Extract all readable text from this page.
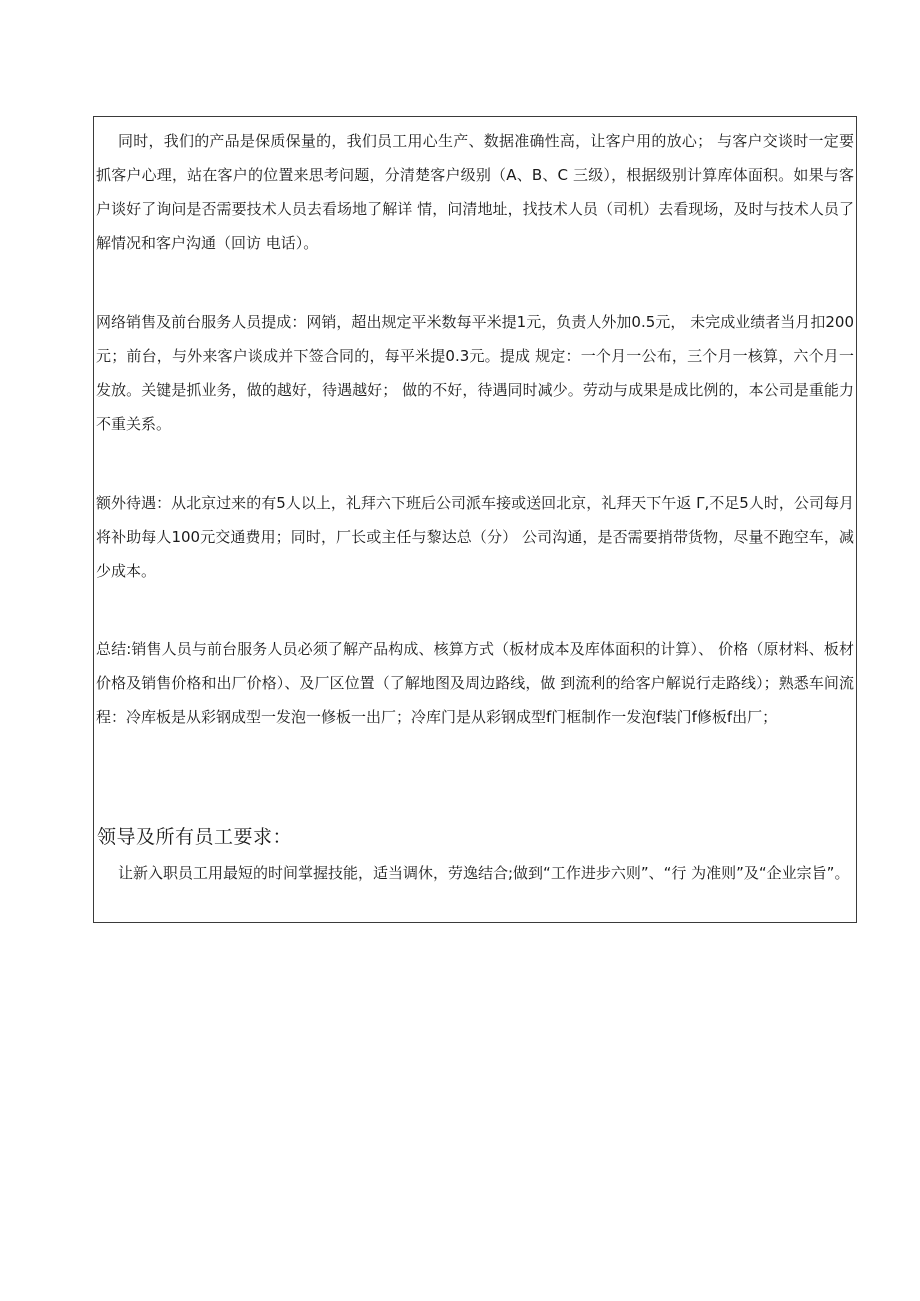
同时，我们的产品是保质保量的，我们员工用心生产、数据准确性高，让客户用的放心； 与客户交谈时一定要抓客户心理，站在客户的位置来思考问题，分清楚客户级别（A、B、C 三级），根据级别计算库体面积。如果与客户谈好了询问是否需要技术人员去看场地了解详 情，问清地址，找技术人员（司机）去看现场，及时与技术人员了解情况和客户沟通（回访 电话）。

网络销售及前台服务人员提成：网销，超出规定平米数每平米提1元，负责人外加0.5元， 未完成业绩者当月扣200元；前台，与外来客户谈成并下签合同的，每平米提0.3元。提成 规定：一个月一公布，三个月一核算，六个月一发放。关键是抓业务，做的越好，待遇越好； 做的不好，待遇同时减少。劳动与成果是成比例的，本公司是重能力不重关系。

额外待遇：从北京过来的有5人以上，礼拜六下班后公司派车接或送回北京，礼拜天下午返 Γ,不足5人时，公司每月将补助每人100元交通费用；同时，厂长或主任与黎达总（分） 公司沟通，是否需要捎带货物，尽量不跑空车，减少成本。

总结:销售人员与前台服务人员必须了解产品构成、核算方式（板材成本及库体面积的计算）、 价格（原材料、板材价格及销售价格和出厂价格）、及厂区位置（了解地图及周边路线，做 到流利的给客户解说行走路线）；熟悉车间流程：冷库板是从彩钢成型一发泡一修板一出厂；冷库门是从彩钢成型f门框制作一发泡f装门f修板f出厂；

领导及所有员工要求：

让新入职员工用最短的时间掌握技能，适当调休，劳逸结合;做到“工作进步六则”、“行 为准则”及“企业宗旨”。
